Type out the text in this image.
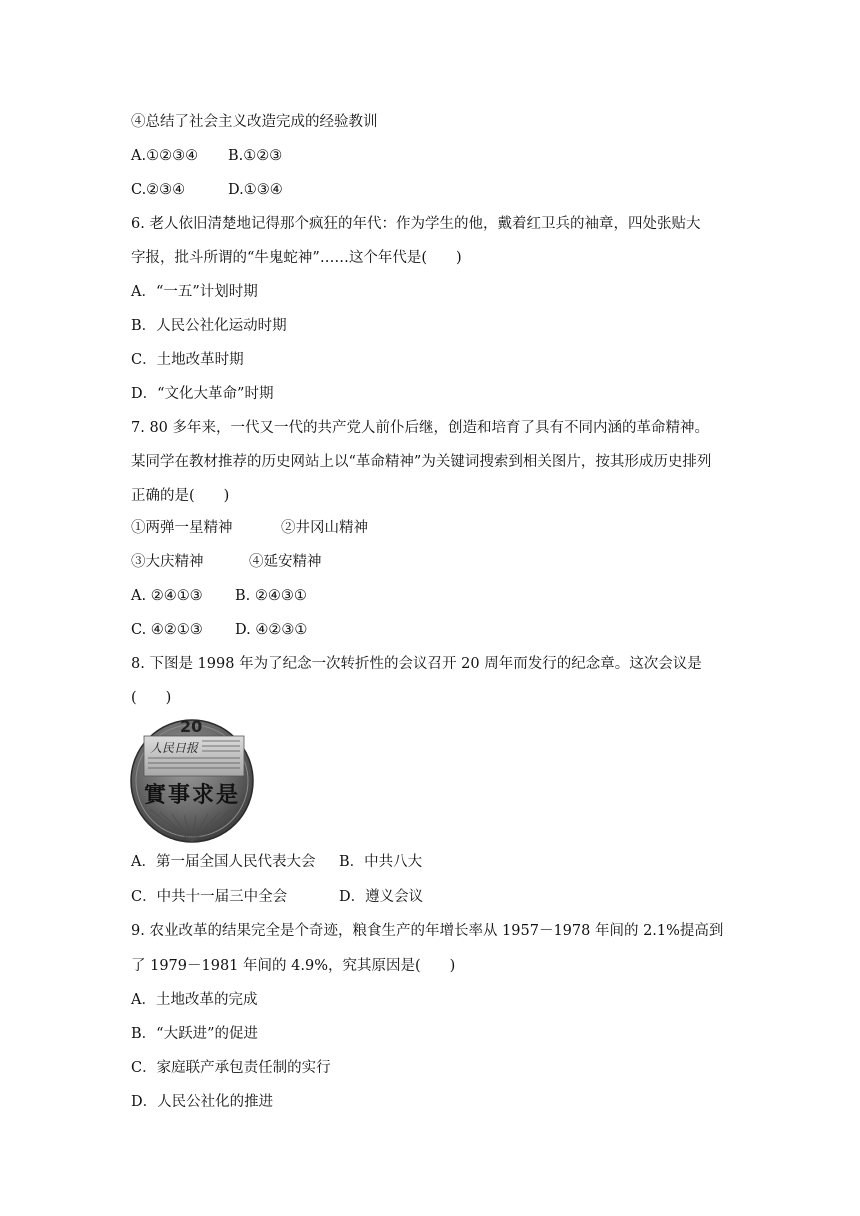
④总结了社会主义改造完成的经验教训
A.①②③④ B.①②③
C.②③④	D.①③④
6. 老人依旧清楚地记得那个疯狂的年代：作为学生的他，戴着红卫兵的袖章，四处张贴大
字报，批斗所谓的“牛鬼蛇神”……这个年代是(　　)
A．“一五”计划时期
B．人民公社化运动时期
C．土地改革时期
D．“文化大革命”时期
7. 80 多年来，一代又一代的共产党人前仆后继，创造和培育了具有不同内涵的革命精神。
某同学在教材推荐的历史网站上以“革命精神”为关键词搜索到相关图片，按其形成历史排列
正确的是(　　)
①两弹一星精神	②井冈山精神
③大庆精神	④延安精神
A. ②④①③ B. ②④③①
C. ④②①③ D. ④②③①
8. 下图是 1998 年为了纪念一次转折性的会议召开 20 周年而发行的纪念章。这次会议是
(　　)
人民日报
20
實事求是
A．第一届全国人民代表大会 B．中共八大
C．中共十一届三中全会	D．遵义会议
9. 农业改革的结果完全是个奇迹，粮食生产的年增长率从 1957－1978 年间的 2.1%提高到
了 1979－1981 年间的 4.9%，究其原因是(　　)
A．土地改革的完成
B．“大跃进”的促进
C．家庭联产承包责任制的实行
D．人民公社化的推进
